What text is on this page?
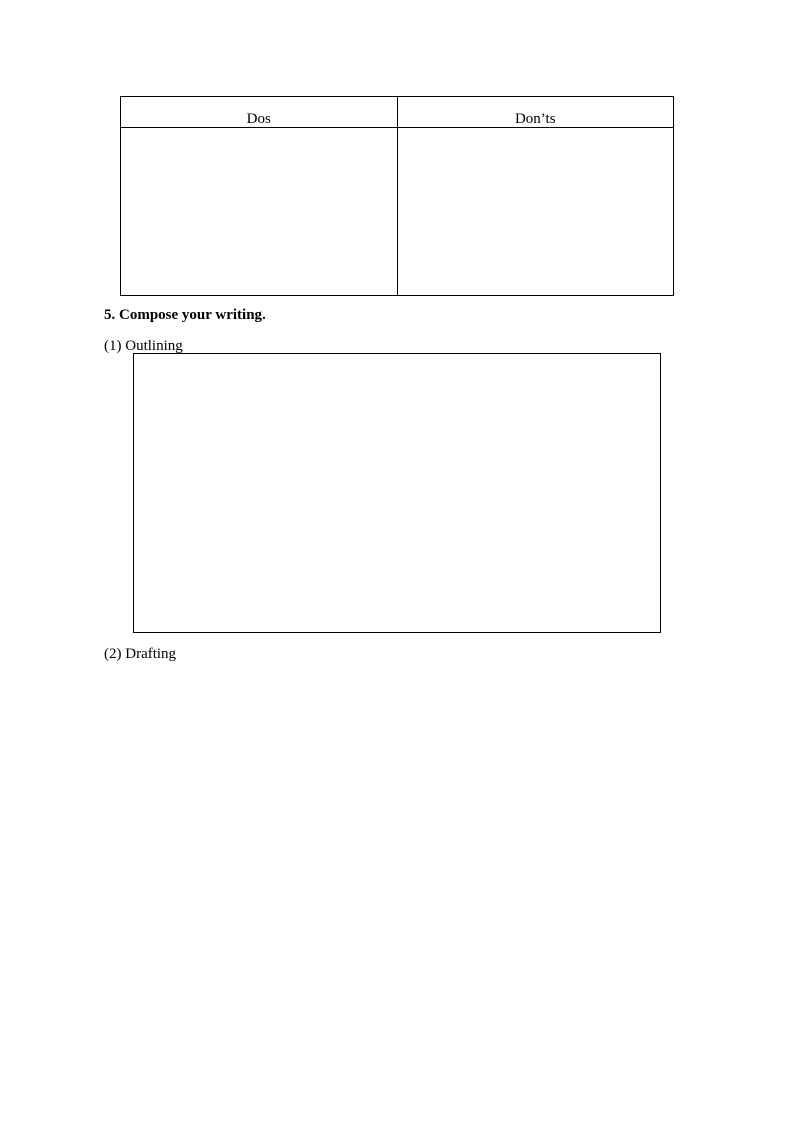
Dos	Don’ts

5. Compose your writing.
(1) Outlining
(2) Drafting
